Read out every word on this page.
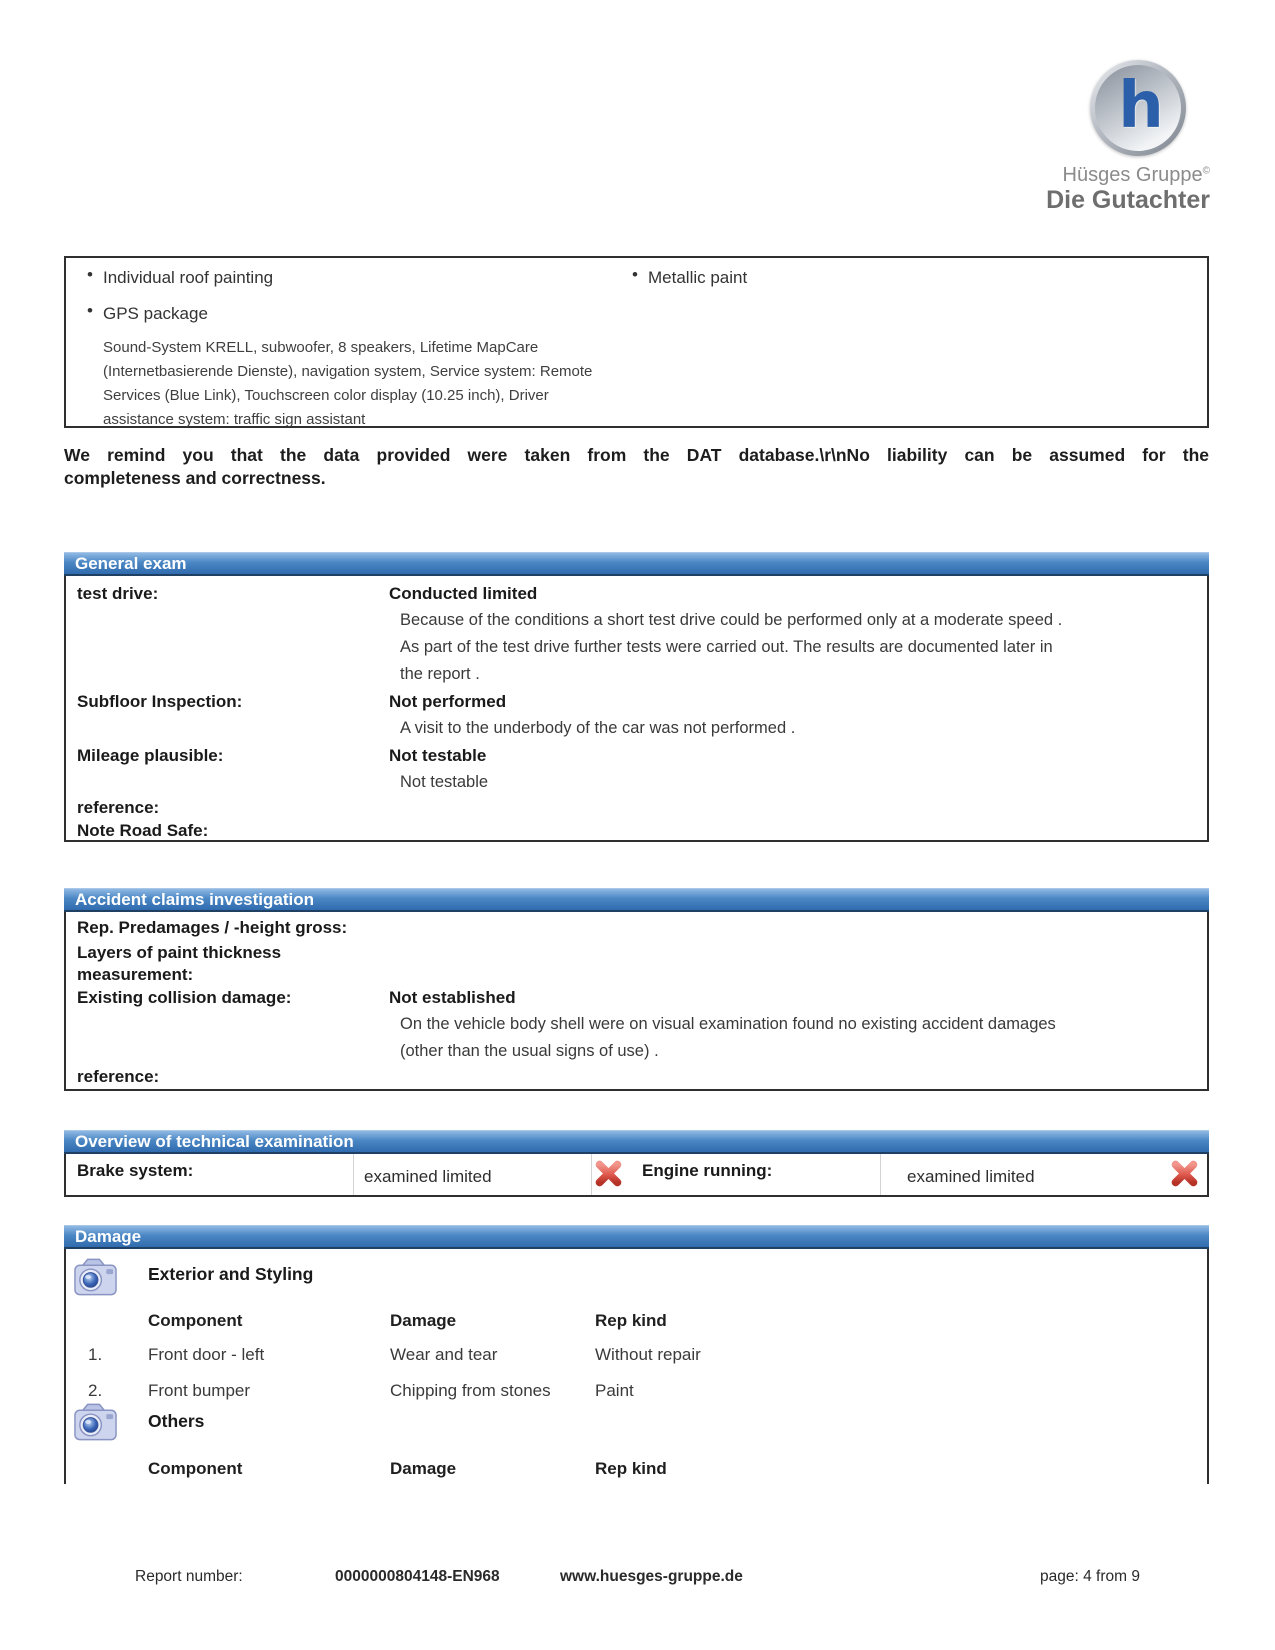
h
Hüsges Gruppe©
Die Gutachter
• Individual roof painting
• GPS package
Sound-System KRELL, subwoofer, 8 speakers, Lifetime MapCare
(Internetbasierende Dienste), navigation system, Service system: Remote
Services (Blue Link), Touchscreen color display (10.25 inch), Driver
assistance system: traffic sign assistant
• Metallic paint
We remind you that the data provided were taken from the DAT database.\r\nNo liability can be assumed for the
completeness and correctness.
General exam
test drive:	Conducted limited
Because of the conditions a short test drive could be performed only at a moderate speed .
As part of the test drive further tests were carried out. The results are documented later in
the report .
Subfloor Inspection:	Not performed
A visit to the underbody of the car was not performed .
Mileage plausible:	Not testable
Not testable
reference:
Note Road Safe:
Accident claims investigation
Rep. Predamages / -height gross:
Layers of paint thickness measurement:
Existing collision damage:	Not established
On the vehicle body shell were on visual examination found no existing accident damages
(other than the usual signs of use) .
reference:
Overview of technical examination
Brake system:	examined limited	Engine running:	examined limited
Damage
Exterior and Styling
Component	Damage	Rep kind
1.	Front door - left	Wear and tear	Without repair
2.	Front bumper	Chipping from stones	Paint
Others
Component	Damage	Rep kind
Report number:	0000000804148-EN968	www.huesges-gruppe.de	page: 4 from 9
